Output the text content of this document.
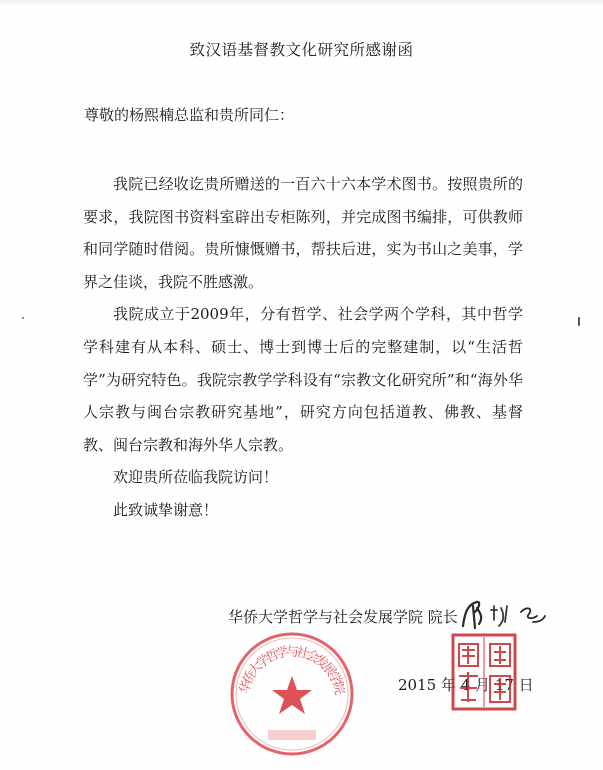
致汉语基督教文化研究所感谢函
尊敬的杨熙楠总监和贵所同仁：

我院已经收讫贵所赠送的一百六十六本学术图书。按照贵所的要求，我院图书资料室辟出专柜陈列，并完成图书编排，可供教师和同学随时借阅。贵所慷慨赠书，帮扶后进，实为书山之美事，学界之佳谈，我院不胜感激。

我院成立于2009年，分有哲学、社会学两个学科，其中哲学学科建有从本科、硕士、博士到博士后的完整建制，以“生活哲学”为研究特色。我院宗教学学科设有“宗教文化研究所”和“海外华人宗教与闽台宗教研究基地”，研究方向包括道教、佛教、基督教、闽台宗教和海外华人宗教。

欢迎贵所莅临我院访问！

此致诚挚谢意！

华侨大学哲学与社会发展学院 院长
2015 年 4 月 17 日
华侨大学哲学与社会发展学院
